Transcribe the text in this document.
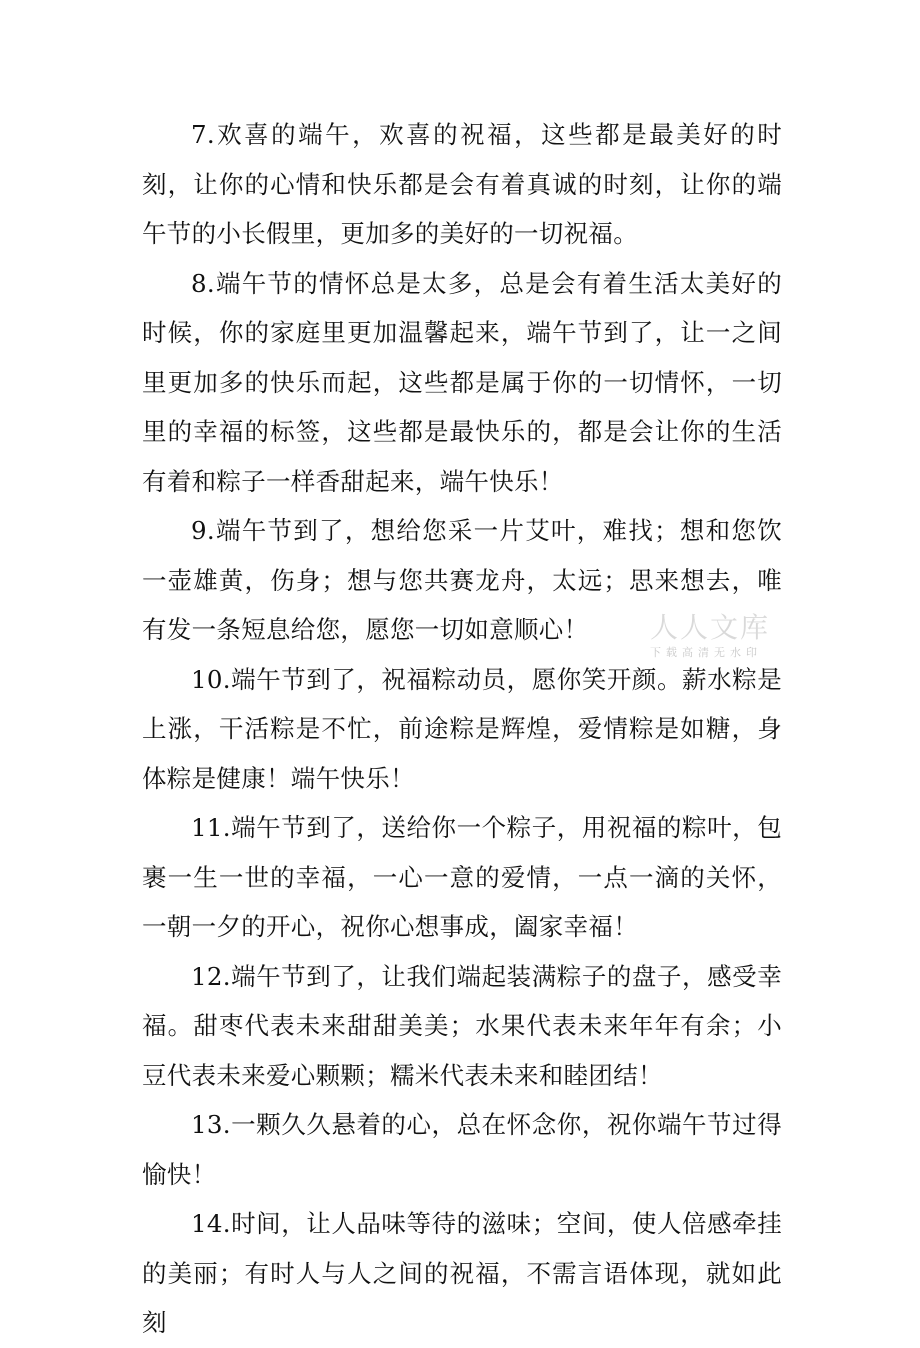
7.欢喜的端午，欢喜的祝福，这些都是最美好的时刻，让你的心情和快乐都是会有着真诚的时刻，让你的端午节的小长假里，更加多的美好的一切祝福。

8.端午节的情怀总是太多，总是会有着生活太美好的时候，你的家庭里更加温馨起来，端午节到了，让一之间里更加多的快乐而起，这些都是属于你的一切情怀，一切里的幸福的标签，这些都是最快乐的，都是会让你的生活有着和粽子一样香甜起来，端午快乐！

9.端午节到了，想给您采一片艾叶，难找；想和您饮一壶雄黄，伤身；想与您共赛龙舟，太远；思来想去，唯有发一条短息给您，愿您一切如意顺心！

10.端午节到了，祝福粽动员，愿你笑开颜。薪水粽是上涨，干活粽是不忙，前途粽是辉煌，爱情粽是如糖，身体粽是健康！端午快乐！

11.端午节到了，送给你一个粽子，用祝福的粽叶，包裹一生一世的幸福，一心一意的爱情，一点一滴的关怀，一朝一夕的开心，祝你心想事成，阖家幸福！

12.端午节到了，让我们端起装满粽子的盘子，感受幸福。甜枣代表未来甜甜美美；水果代表未来年年有余；小豆代表未来爱心颗颗；糯米代表未来和睦团结！

13.一颗久久悬着的心，总在怀念你，祝你端午节过得愉快！

14.时间，让人品味等待的滋味；空间，使人倍感牵挂的美丽；有时人与人之间的祝福，不需言语体现，就如此刻

人人文库
下载高清无水印
